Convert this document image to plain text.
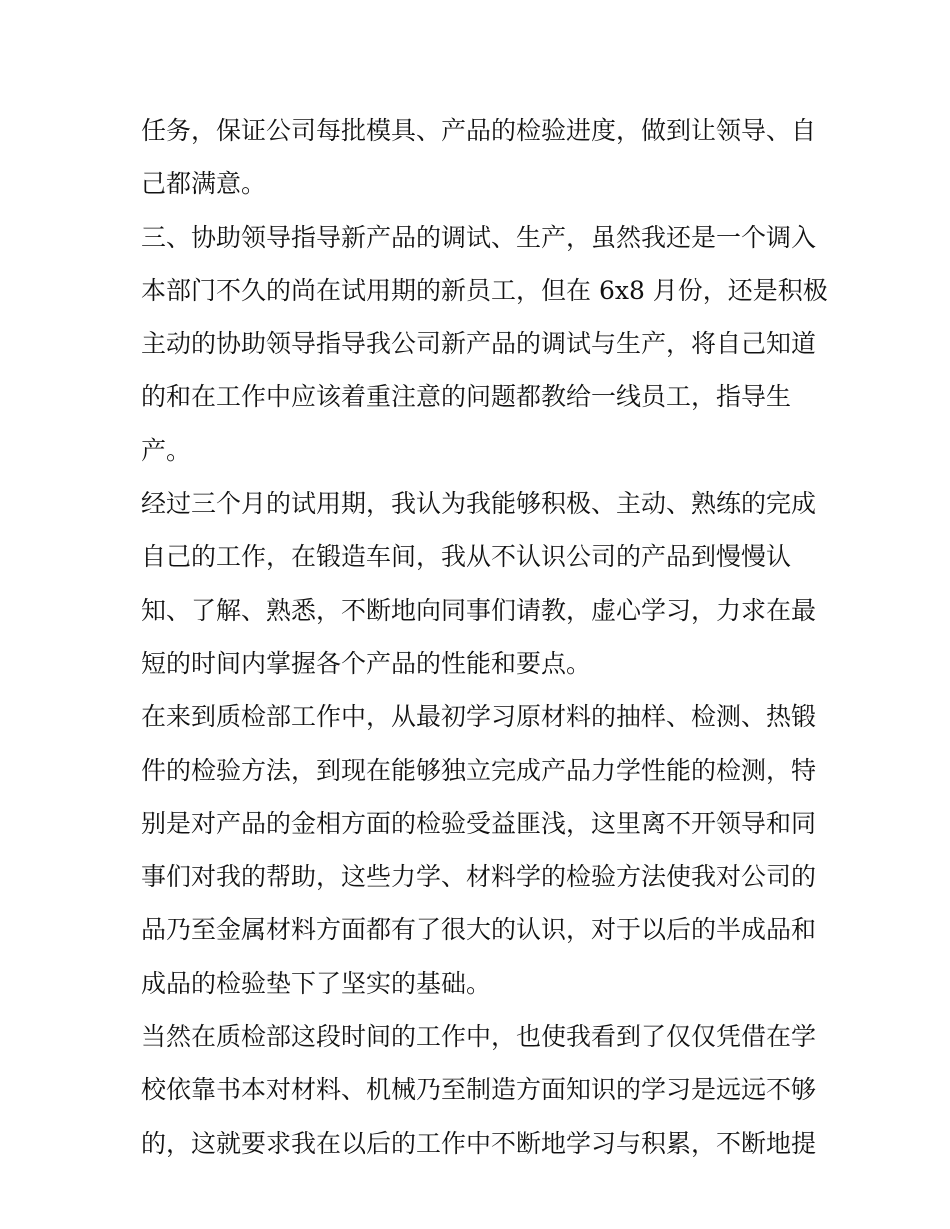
任务，保证公司每批模具、产品的检验进度，做到让领导、自
己都满意。
三、协助领导指导新产品的调试、生产，虽然我还是一个调入
本部门不久的尚在试用期的新员工，但在 6x8 月份，还是积极
主动的协助领导指导我公司新产品的调试与生产，将自己知道
的和在工作中应该着重注意的问题都教给一线员工，指导生
产。
经过三个月的试用期，我认为我能够积极、主动、熟练的完成
自己的工作，在锻造车间，我从不认识公司的产品到慢慢认
知、了解、熟悉，不断地向同事们请教，虚心学习，力求在最
短的时间内掌握各个产品的性能和要点。
在来到质检部工作中，从最初学习原材料的抽样、检测、热锻
件的检验方法，到现在能够独立完成产品力学性能的检测，特
别是对产品的金相方面的检验受益匪浅，这里离不开领导和同
事们对我的帮助，这些力学、材料学的检验方法使我对公司的
品乃至金属材料方面都有了很大的认识，对于以后的半成品和
成品的检验垫下了坚实的基础。
当然在质检部这段时间的工作中，也使我看到了仅仅凭借在学
校依靠书本对材料、机械乃至制造方面知识的学习是远远不够
的，这就要求我在以后的工作中不断地学习与积累，不断地提
